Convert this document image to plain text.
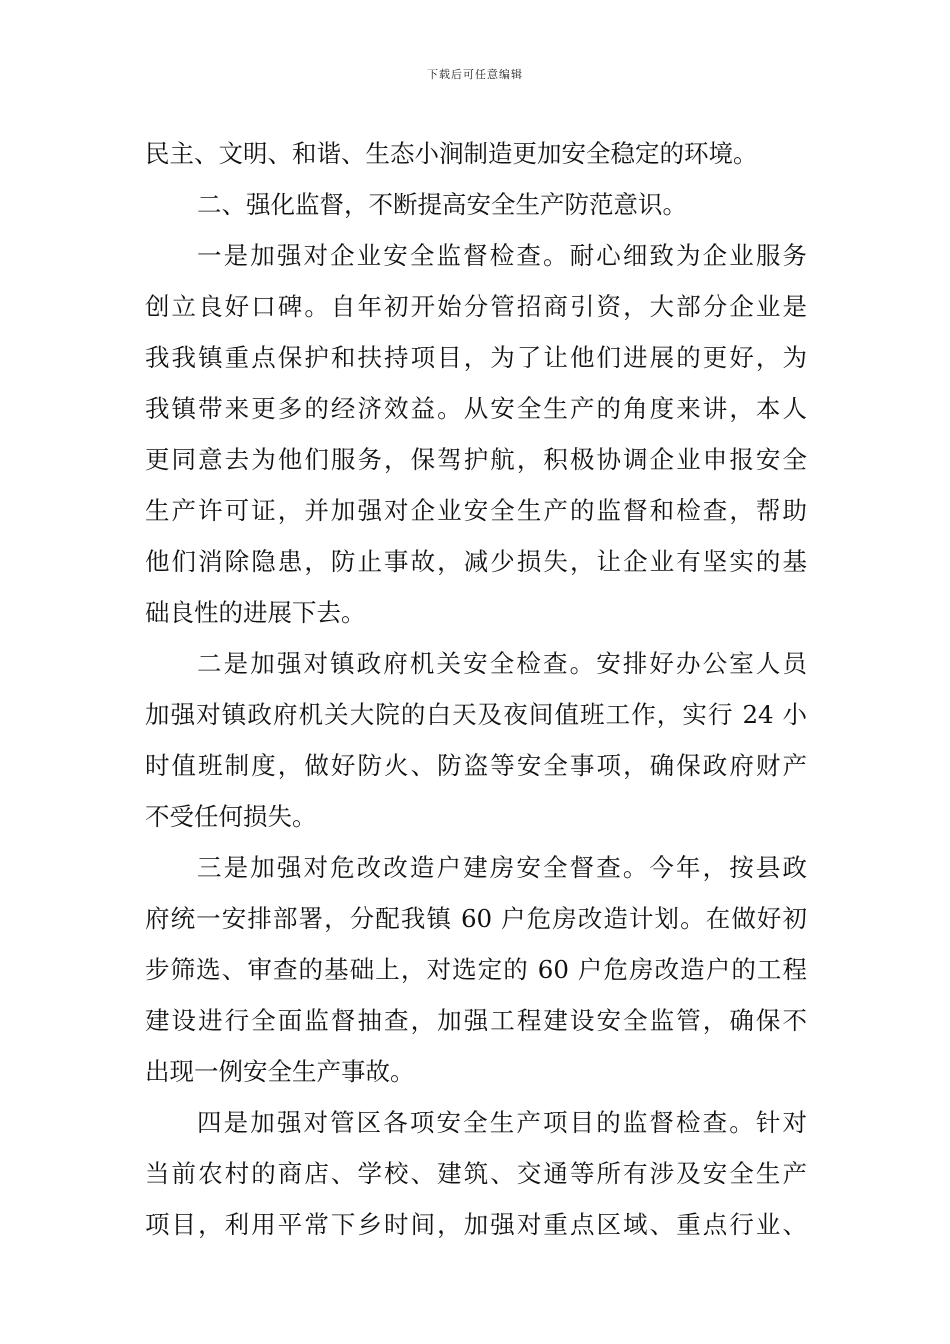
下载后可任意编辑
民主、文明、和谐、生态小涧制造更加安全稳定的环境。
二、强化监督，不断提高安全生产防范意识。
一是加强对企业安全监督检查。耐心细致为企业服务
创立良好口碑。自年初开始分管招商引资，大部分企业是
我我镇重点保护和扶持项目，为了让他们进展的更好，为
我镇带来更多的经济效益。从安全生产的角度来讲，本人
更同意去为他们服务，保驾护航，积极协调企业申报安全
生产许可证，并加强对企业安全生产的监督和检查，帮助
他们消除隐患，防止事故，减少损失，让企业有坚实的基
础良性的进展下去。
二是加强对镇政府机关安全检查。安排好办公室人员
加强对镇政府机关大院的白天及夜间值班工作，实行 24 小
时值班制度，做好防火、防盗等安全事项，确保政府财产
不受任何损失。
三是加强对危改改造户建房安全督查。今年，按县政
府统一安排部署，分配我镇 60 户危房改造计划。在做好初
步筛选、审查的基础上，对选定的 60 户危房改造户的工程
建设进行全面监督抽查，加强工程建设安全监管，确保不
出现一例安全生产事故。
四是加强对管区各项安全生产项目的监督检查。针对
当前农村的商店、学校、建筑、交通等所有涉及安全生产
项目，利用平常下乡时间，加强对重点区域、重点行业、
